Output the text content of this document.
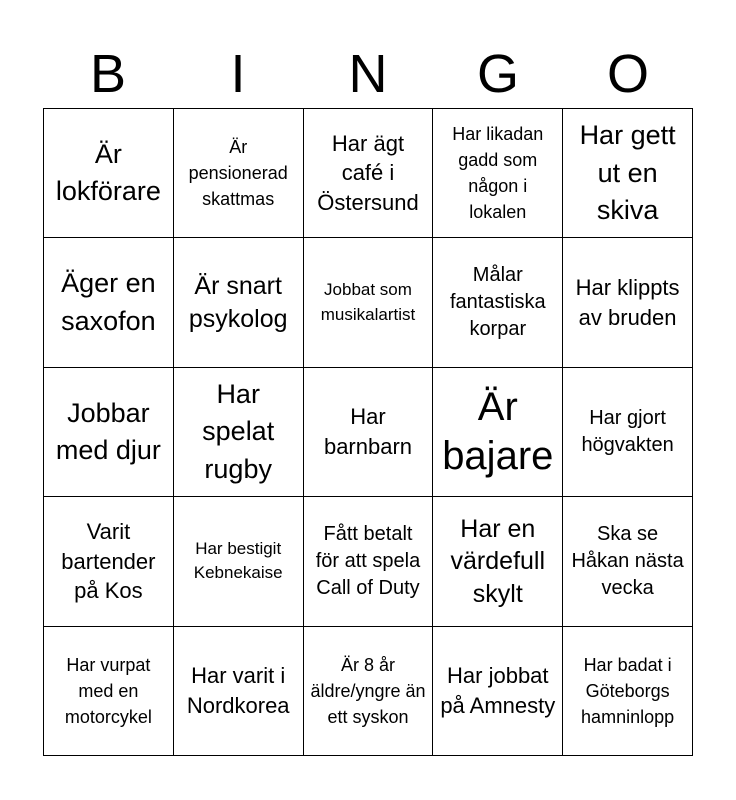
B	I	N	G	O
Är lokförare
Är pensionerad skattmas
Har ägt café i Östersund
Har likadan gadd som någon i lokalen
Har gett ut en skiva
Äger en saxofon
Är snart psykolog
Jobbat som musikalartist
Målar fantastiska korpar
Har klippts av bruden
Jobbar med djur
Har spelat rugby
Har barnbarn
Är bajare
Har gjort högvakten
Varit bartender på Kos
Har bestigit Kebnekaise
Fått betalt för att spela Call of Duty
Har en värdefull skylt
Ska se Håkan nästa vecka
Har vurpat med en motorcykel
Har varit i Nordkorea
Är 8 år äldre/yngre än ett syskon
Har jobbat på Amnesty
Har badat i Göteborgs hamninlopp
